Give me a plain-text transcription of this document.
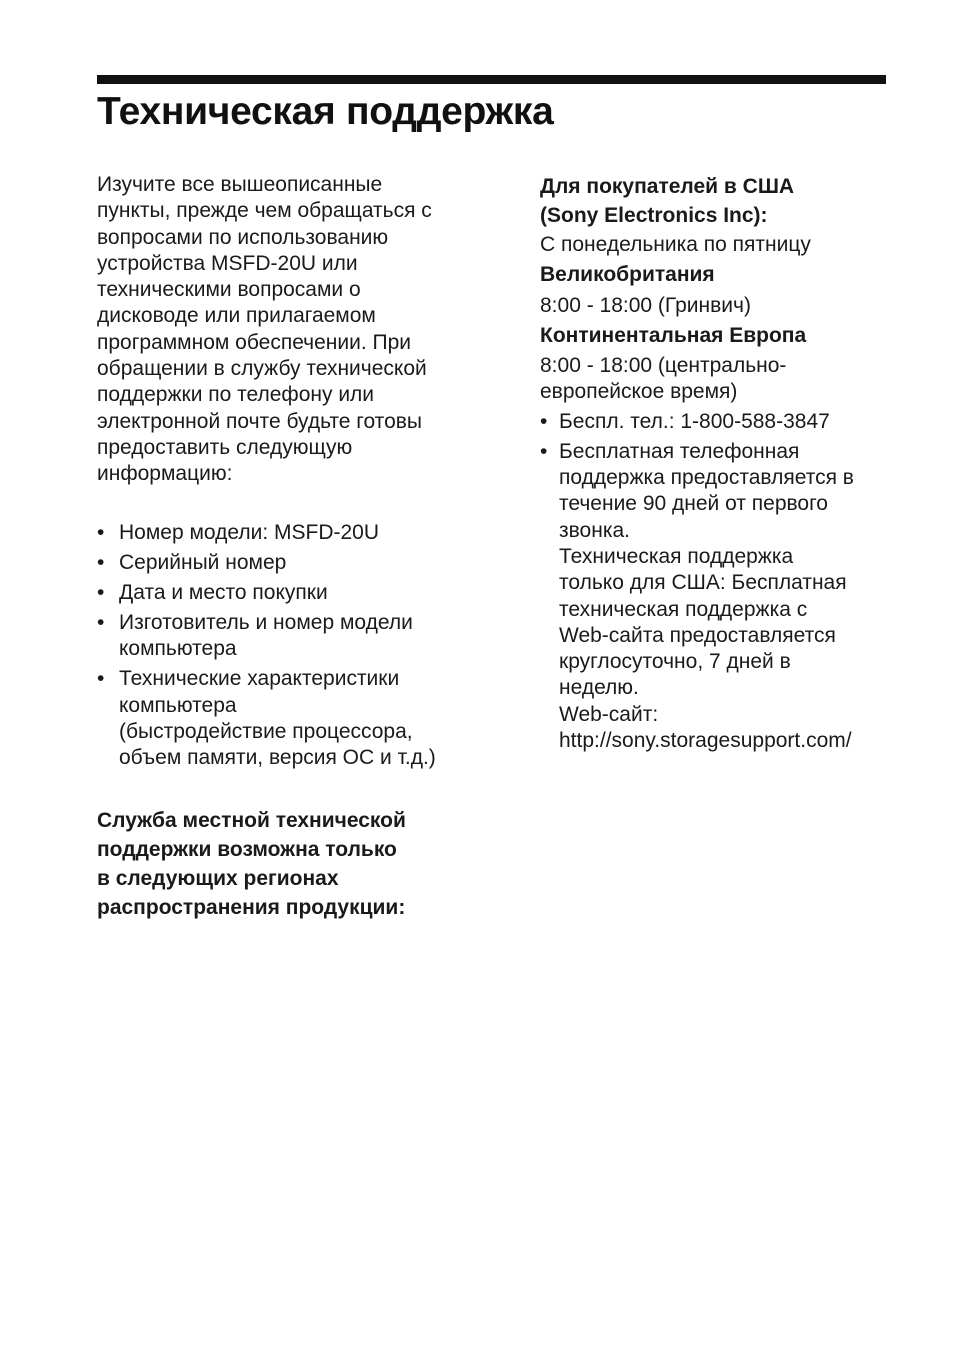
Техническая поддержка

Изучите все вышеописанные
пункты, прежде чем обращаться с
вопросами по использованию
устройства MSFD-20U или
техническими вопросами о
дисководе или прилагаемом
программном обеспечении. При
обращении в службу технической
поддержки по телефону или
электронной почте будьте готовы
предоставить следующую
информацию:

• Номер модели: MSFD-20U
• Серийный номер
• Дата и место покупки
• Изготовитель и номер модели
компьютера
• Технические характеристики
компьютера
(быстродействие процессора,
объем памяти, версия ОС и т.д.)

Служба местной технической
поддержки возможна только
в следующих регионах
распространения продукции:

Для покупателей в США
(Sony Electronics Inc):

С понедельника по пятницу

Великобритания

8:00 - 18:00 (Гринвич)

Континентальная Европа

8:00 - 18:00 (центрально-
европейское время)

• Беспл. тел.: 1-800-588-3847
• Бесплатная телефонная
поддержка предоставляется в
течение 90 дней от первого
звонка.
Техническая поддержка
только для США: Бесплатная
техническая поддержка с
Web-сайта предоставляется
круглосуточно, 7 дней в
неделю.
Web-сайт:
http://sony.storagesupport.com/
